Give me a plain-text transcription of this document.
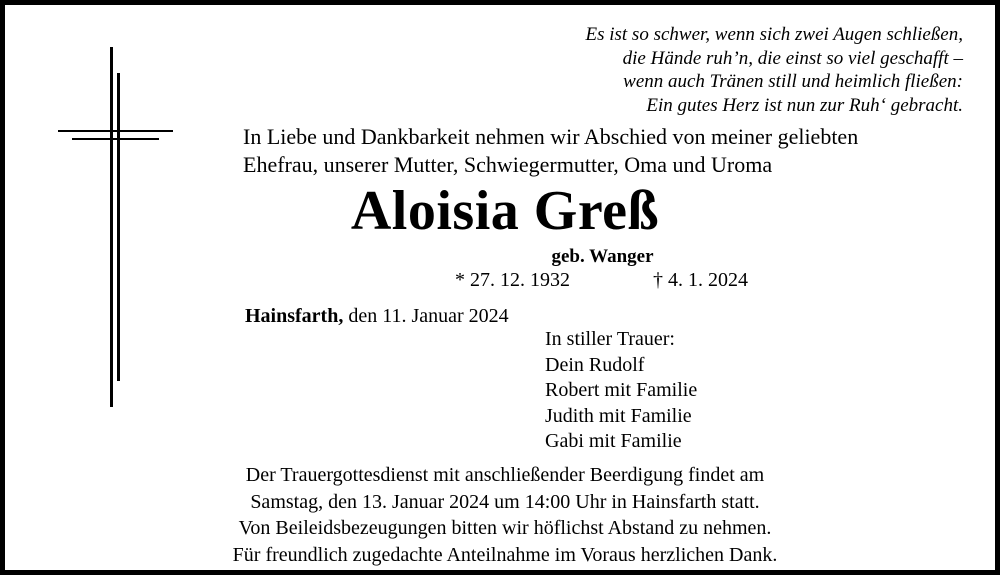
Es ist so schwer, wenn sich zwei Augen schließen,
die Hände ruh’n, die einst so viel geschafft –
wenn auch Tränen still und heimlich fließen:
Ein gutes Herz ist nun zur Ruh‘ gebracht.
In Liebe und Dankbarkeit nehmen wir Abschied von meiner geliebten
Ehefrau, unserer Mutter, Schwiegermutter, Oma und Uroma
Aloisia Greß
geb. Wanger
* 27. 12. 1932	† 4. 1. 2024
Hainsfarth, den 11. Januar 2024
In stiller Trauer:
Dein Rudolf
Robert mit Familie
Judith mit Familie
Gabi mit Familie
Der Trauergottesdienst mit anschließender Beerdigung findet am
Samstag, den 13. Januar 2024 um 14:00 Uhr in Hainsfarth statt.
Von Beileidsbezeugungen bitten wir höflichst Abstand zu nehmen.
Für freundlich zugedachte Anteilnahme im Voraus herzlichen Dank.
